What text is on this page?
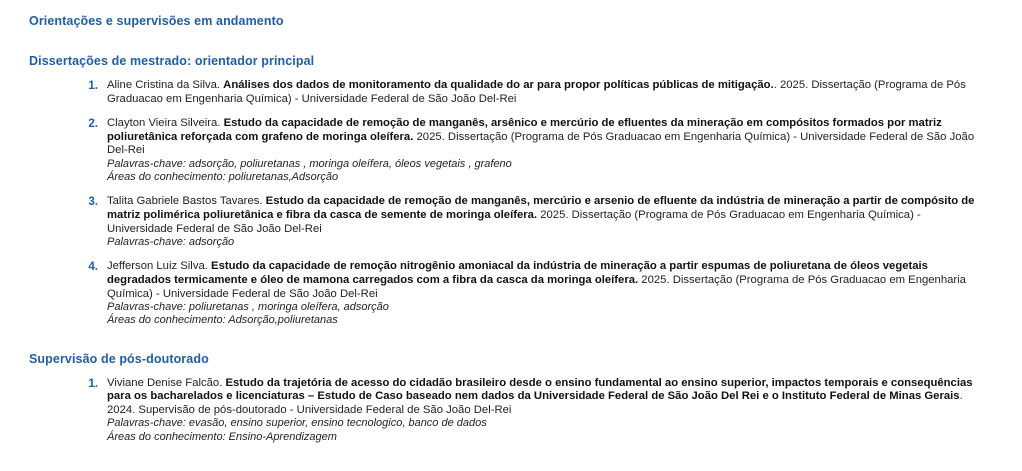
Orientações e supervisões em andamento
Dissertações de mestrado: orientador principal
1. Aline Cristina da Silva. Análises dos dados de monitoramento da qualidade do ar para propor políticas públicas de mitigação.. 2025. Dissertação (Programa de Pós Graduacao em Engenharia Química) - Universidade Federal de São João Del-Rei
2. Clayton Vieira Silveira. Estudo da capacidade de remoção de manganês, arsênico e mercúrio de efluentes da mineração em compósitos formados por matriz poliuretânica reforçada com grafeno de moringa oleífera. 2025. Dissertação (Programa de Pós Graduacao em Engenharia Química) - Universidade Federal de São João Del-Rei
Palavras-chave: adsorção, poliuretanas , moringa oleífera, óleos vegetais , grafeno
Áreas do conhecimento: poliuretanas,Adsorção
3. Talita Gabriele Bastos Tavares. Estudo da capacidade de remoção de manganês, mercúrio e arsenio de efluente da indústria de mineração a partir de compósito de matriz polimérica poliuretânica e fibra da casca de semente de moringa oleífera. 2025. Dissertação (Programa de Pós Graduacao em Engenharia Química) - Universidade Federal de São João Del-Rei
Palavras-chave: adsorção
4. Jefferson Luiz Silva. Estudo da capacidade de remoção nitrogênio amoniacal da indústria de mineração a partir espumas de poliuretana de óleos vegetais degradados termicamente e óleo de mamona carregados com a fibra da casca da moringa oleífera. 2025. Dissertação (Programa de Pós Graduacao em Engenharia Química) - Universidade Federal de São João Del-Rei
Palavras-chave: poliuretanas , moringa oleífera, adsorção
Áreas do conhecimento: Adsorção,poliuretanas
Supervisão de pós-doutorado
1. Viviane Denise Falcão. Estudo da trajetória de acesso do cidadão brasileiro desde o ensino fundamental ao ensino superior, impactos temporais e consequências para os bacharelados e licenciaturas – Estudo de Caso baseado nem dados da Universidade Federal de São João Del Rei e o Instituto Federal de Minas Gerais. 2024. Supervisão de pós-doutorado - Universidade Federal de São João Del-Rei
Palavras-chave: evasão, ensino superior, ensino tecnologico, banco de dados
Áreas do conhecimento: Ensino-Aprendizagem
